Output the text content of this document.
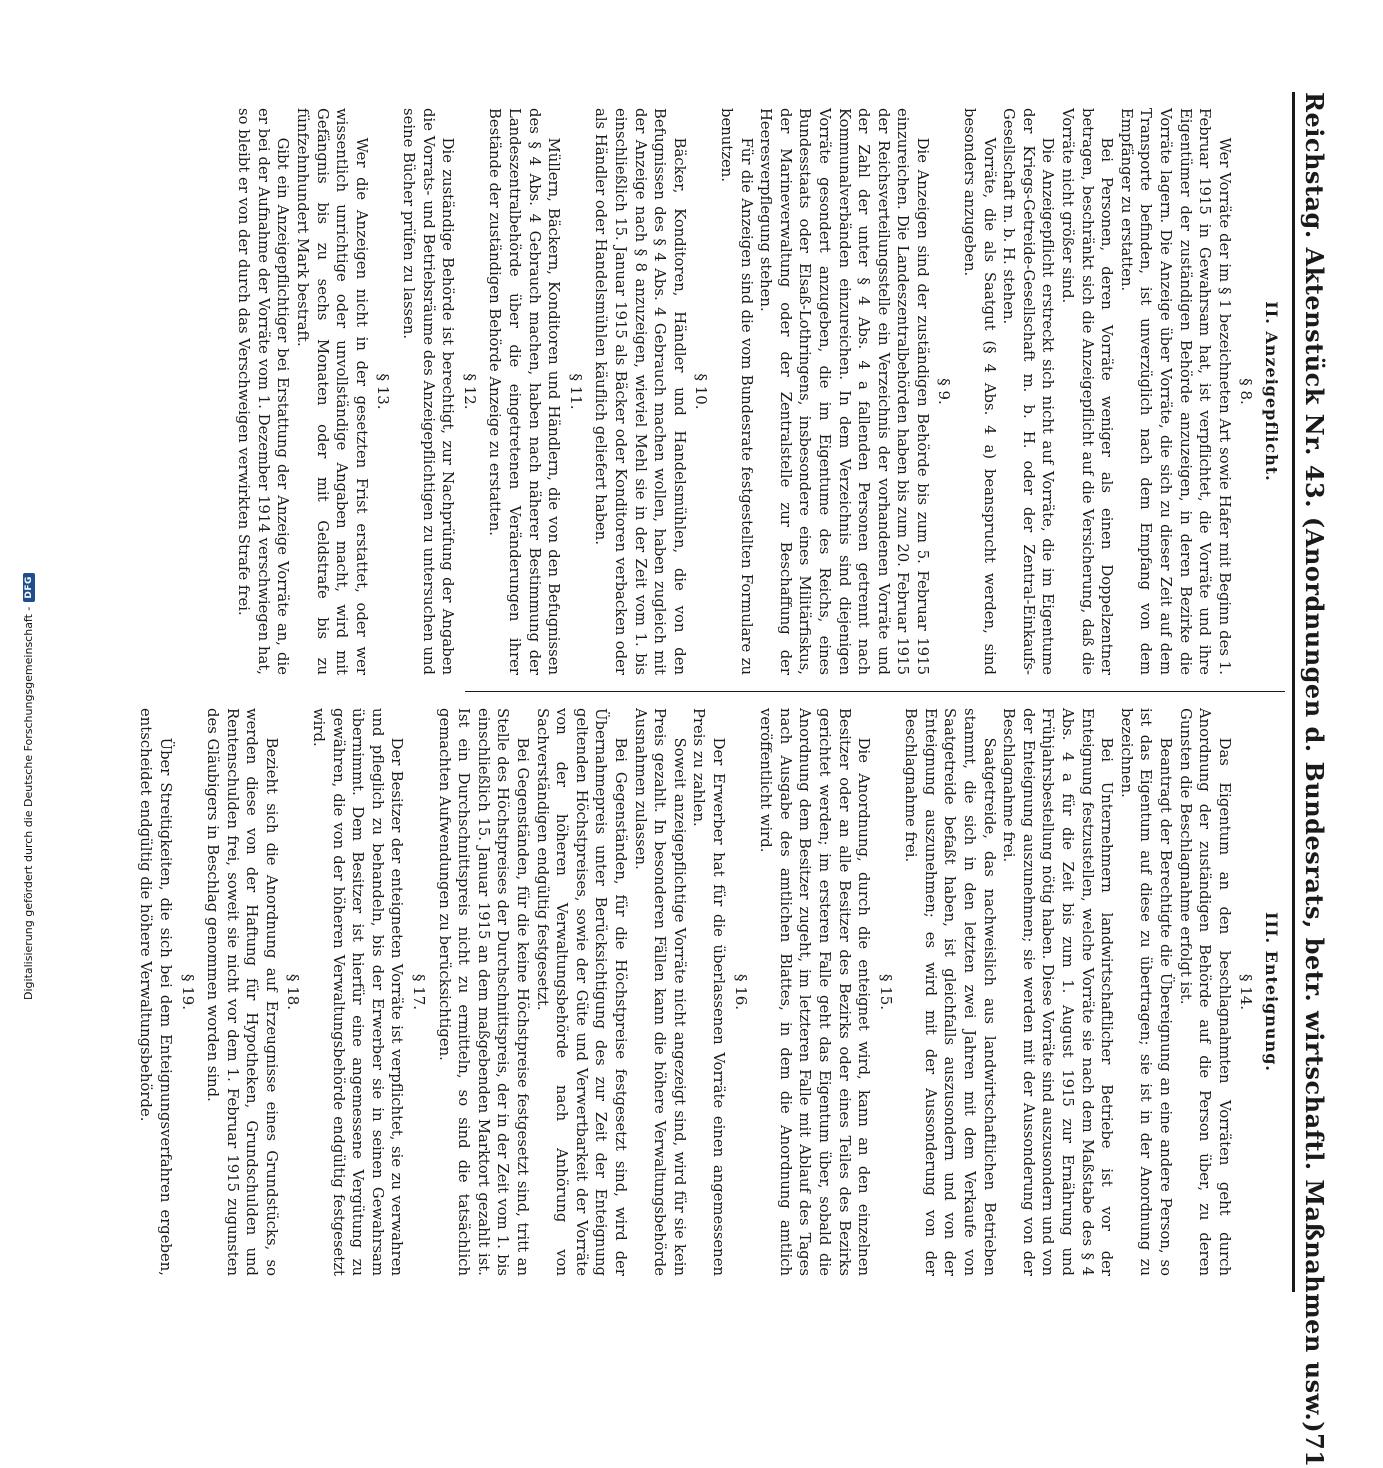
Digitalisierung gefördert durch die Deutsche Forschungsgemeinschaft -
DFG	Reichstag. Aktenstück Nr. 43. (Anordnungen d. Bundesrats, betr. wirtschaftl. Maßnahmen usw.)
71
II. Anzeigepflicht.
§ 8.

Wer Vorräte der im § 1 bezeichneten Art sowie Hafer mit Beginn des 1. Februar 1915 in Gewahrsam hat, ist verpflichtet, die Vorräte und ihre Eigentümer der zuständigen Behörde anzuzeigen, in deren Bezirke die Vorräte lagern. Die Anzeige über Vorräte, die sich zu dieser Zeit auf dem Transporte befinden, ist unverzüglich nach dem Empfang von dem Empfänger zu erstatten.

Bei Personen, deren Vorräte weniger als einen Doppelzentner betragen, beschränkt sich die Anzeigepflicht auf die Versicherung, daß die Vorräte nicht größer sind.

Die Anzeigepflicht erstreckt sich nicht auf Vorräte, die im Eigentume der Kriegs-Getreide-Gesellschaft m. b. H. oder der Zentral-Einkaufs-Gesellschaft m. b. H. stehen.

Vorräte, die als Saatgut (§ 4 Abs. 4 a) beansprucht werden, sind besonders anzugeben.

§ 9.

Die Anzeigen sind der zuständigen Behörde bis zum 5. Februar 1915 einzureichen. Die Landeszentralbehörden haben bis zum 20. Februar 1915 der Reichsverteilungsstelle ein Verzeichnis der vorhandenen Vorräte und der Zahl der unter § 4 Abs. 4 a fallenden Personen getrennt nach Kommunalverbänden einzureichen. In dem Verzeichnis sind diejenigen Vorräte gesondert anzugeben, die im Eigentume des Reichs, eines Bundesstaats oder Elsaß-Lothringens, insbesondere eines Militärfiskus, der Marineverwaltung oder der Zentralstelle zur Beschaffung der Heeresverpflegung stehen.

Für die Anzeigen sind die vom Bundesrate festgestellten Formulare zu benutzen.

§ 10.

Bäcker, Konditoren, Händler und Handelsmühlen, die von den Befugnissen des § 4 Abs. 4 Gebrauch machen wollen, haben zugleich mit der Anzeige nach § 8 anzuzeigen, wieviel Mehl sie in der Zeit vom 1. bis einschließlich 15. Januar 1915 als Bäcker oder Konditoren verbacken oder als Händler oder Handelsmühlen käuflich geliefert haben.

§ 11.

Müllern, Bäckern, Konditoren und Händlern, die von den Befugnissen des § 4 Abs. 4 Gebrauch machen, haben nach näherer Bestimmung der Landeszentralbehörde über die eingetretenen Veränderungen ihrer Bestände der zuständigen Behörde Anzeige zu erstatten.

§ 12.

Die zuständige Behörde ist berechtigt, zur Nachprüfung der Angaben die Vorrats- und Betriebsräume des Anzeigepflichtigen zu untersuchen und seine Bücher prüfen zu lassen.

§ 13.

Wer die Anzeigen nicht in der gesetzten Frist erstattet, oder wer wissentlich unrichtige oder unvollständige Angaben macht, wird mit Gefängnis bis zu sechs Monaten oder mit Geldstrafe bis zu fünfzehnhundert Mark bestraft.

Gibt ein Anzeigepflichtiger bei Erstattung der Anzeige Vorräte an, die er bei der Aufnahme der Vorräte vom 1. Dezember 1914 verschwiegen hat, so bleibt er von der durch das Verschweigen verwirkten Strafe frei.

III. Enteignung.
§ 14.

Das Eigentum an den beschlagnahmten Vorräten geht durch Anordnung der zuständigen Behörde auf die Person über, zu deren Gunsten die Beschlagnahme erfolgt ist.

Beantragt der Berechtigte die Übereignung an eine andere Person, so ist das Eigentum auf diese zu übertragen; sie ist in der Anordnung zu bezeichnen.

Bei Unternehmern landwirtschaftlicher Betriebe ist vor der Enteignung festzustellen, welche Vorräte sie nach dem Maßstabe des § 4 Abs. 4 a für die Zeit bis zum 1. August 1915 zur Ernährung und Frühjahrsbestellung nötig haben. Diese Vorräte sind auszusondern und von der Enteignung auszunehmen; sie werden mit der Aussonderung von der Beschlagnahme frei.

Saatgetreide, das nachweislich aus landwirtschaftlichen Betrieben stammt, die sich in den letzten zwei Jahren mit dem Verkaufe von Saatgetreide befaßt haben, ist gleichfalls auszusondern und von der Enteignung auszunehmen; es wird mit der Aussonderung von der Beschlagnahme frei.

§ 15.

Die Anordnung, durch die enteignet wird, kann an den einzelnen Besitzer oder an alle Besitzer des Bezirks oder eines Teiles des Bezirks gerichtet werden; im ersteren Falle geht das Eigentum über, sobald die Anordnung dem Besitzer zugeht, im letzteren Falle mit Ablauf des Tages nach Ausgabe des amtlichen Blattes, in dem die Anordnung amtlich veröffentlicht wird.

§ 16.

Der Erwerber hat für die überlassenen Vorräte einen angemessenen Preis zu zahlen.

Soweit anzeigepflichtige Vorräte nicht angezeigt sind, wird für sie kein Preis gezahlt. In besonderen Fällen kann die höhere Verwaltungsbehörde Ausnahmen zulassen.

Bei Gegenständen, für die Höchstpreise festgesetzt sind, wird der Übernahmepreis unter Berücksichtigung des zur Zeit der Enteignung geltenden Höchstpreises, sowie der Güte und Verwertbarkeit der Vorräte von der höheren Verwaltungsbehörde nach Anhörung von Sachverständigen endgültig festgesetzt.

Bei Gegenständen, für die keine Höchstpreise festgesetzt sind, tritt an Stelle des Höchstpreises der Durchschnittspreis, der in der Zeit vom 1. bis einschließlich 15. Januar 1915 an dem maßgebenden Marktort gezahlt ist. Ist ein Durchschnittspreis nicht zu ermitteln, so sind die tatsächlich gemachten Aufwendungen zu berücksichtigen.

§ 17.

Der Besitzer der enteigneten Vorräte ist verpflichtet, sie zu verwahren und pfleglich zu behandeln, bis der Erwerber sie in seinen Gewahrsam übernimmt. Dem Besitzer ist hierfür eine angemessene Vergütung zu gewähren, die von der höheren Verwaltungsbehörde endgültig festgesetzt wird.

§ 18.

Bezieht sich die Anordnung auf Erzeugnisse eines Grundstücks, so werden diese von der Haftung für Hypotheken, Grundschulden und Rentenschulden frei, soweit sie nicht vor dem 1. Februar 1915 zugunsten des Gläubigers in Beschlag genommen worden sind.

§ 19.

Über Streitigkeiten, die sich bei dem Enteignungsverfahren ergeben, entscheidet endgültig die höhere Verwaltungsbehörde.
